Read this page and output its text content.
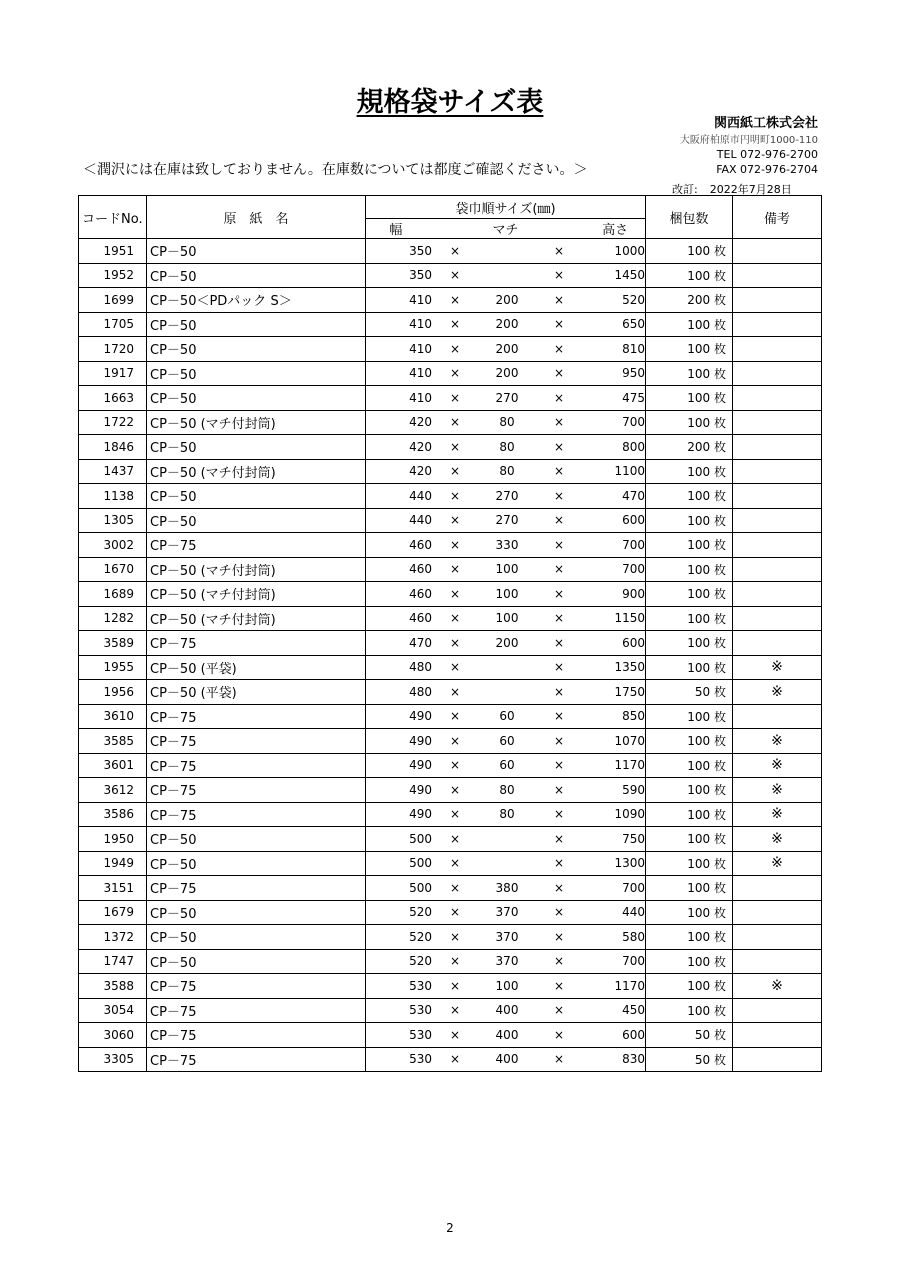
規格袋サイズ表
関西紙工株式会社
大阪府柏原市円明町1000-110
TEL 072-976-2700
FAX 072-976-2704
＜潤沢には在庫は致しておりません。在庫数については都度ご確認ください。＞
改訂: 2022年7月28日
コードNo.	原　紙　名	袋巾順サイズ(㎜)	梱包数	備考

		幅 マチ 高さ		

1951	CP－50	350 × × 1000	100 枚	
1952	CP－50	350 × × 1450	100 枚	
1699	CP－50＜PDパック S＞	410 × 200 × 520	200 枚	
1705	CP－50	410 × 200 × 650	100 枚	
1720	CP－50	410 × 200 × 810	100 枚	
1917	CP－50	410 × 200 × 950	100 枚	
1663	CP－50	410 × 270 × 475	100 枚	
1722	CP－50 (マチ付封筒)	420 × 80 × 700	100 枚	
1846	CP－50	420 × 80 × 800	200 枚	
1437	CP－50 (マチ付封筒)	420 × 80 × 1100	100 枚	
1138	CP－50	440 × 270 × 470	100 枚	
1305	CP－50	440 × 270 × 600	100 枚	
3002	CP－75	460 × 330 × 700	100 枚	
1670	CP－50 (マチ付封筒)	460 × 100 × 700	100 枚	
1689	CP－50 (マチ付封筒)	460 × 100 × 900	100 枚	
1282	CP－50 (マチ付封筒)	460 × 100 × 1150	100 枚	
3589	CP－75	470 × 200 × 600	100 枚	
1955	CP－50 (平袋)	480 × × 1350	100 枚	※
1956	CP－50 (平袋)	480 × × 1750	50 枚	※
3610	CP－75	490 × 60 × 850	100 枚	
3585	CP－75	490 × 60 × 1070	100 枚	※
3601	CP－75	490 × 60 × 1170	100 枚	※
3612	CP－75	490 × 80 × 590	100 枚	※
3586	CP－75	490 × 80 × 1090	100 枚	※
1950	CP－50	500 × × 750	100 枚	※
1949	CP－50	500 × × 1300	100 枚	※
3151	CP－75	500 × 380 × 700	100 枚	
1679	CP－50	520 × 370 × 440	100 枚	
1372	CP－50	520 × 370 × 580	100 枚	
1747	CP－50	520 × 370 × 700	100 枚	
3588	CP－75	530 × 100 × 1170	100 枚	※
3054	CP－75	530 × 400 × 450	100 枚	
3060	CP－75	530 × 400 × 600	50 枚	
3305	CP－75	530 × 400 × 830	50 枚	
2
